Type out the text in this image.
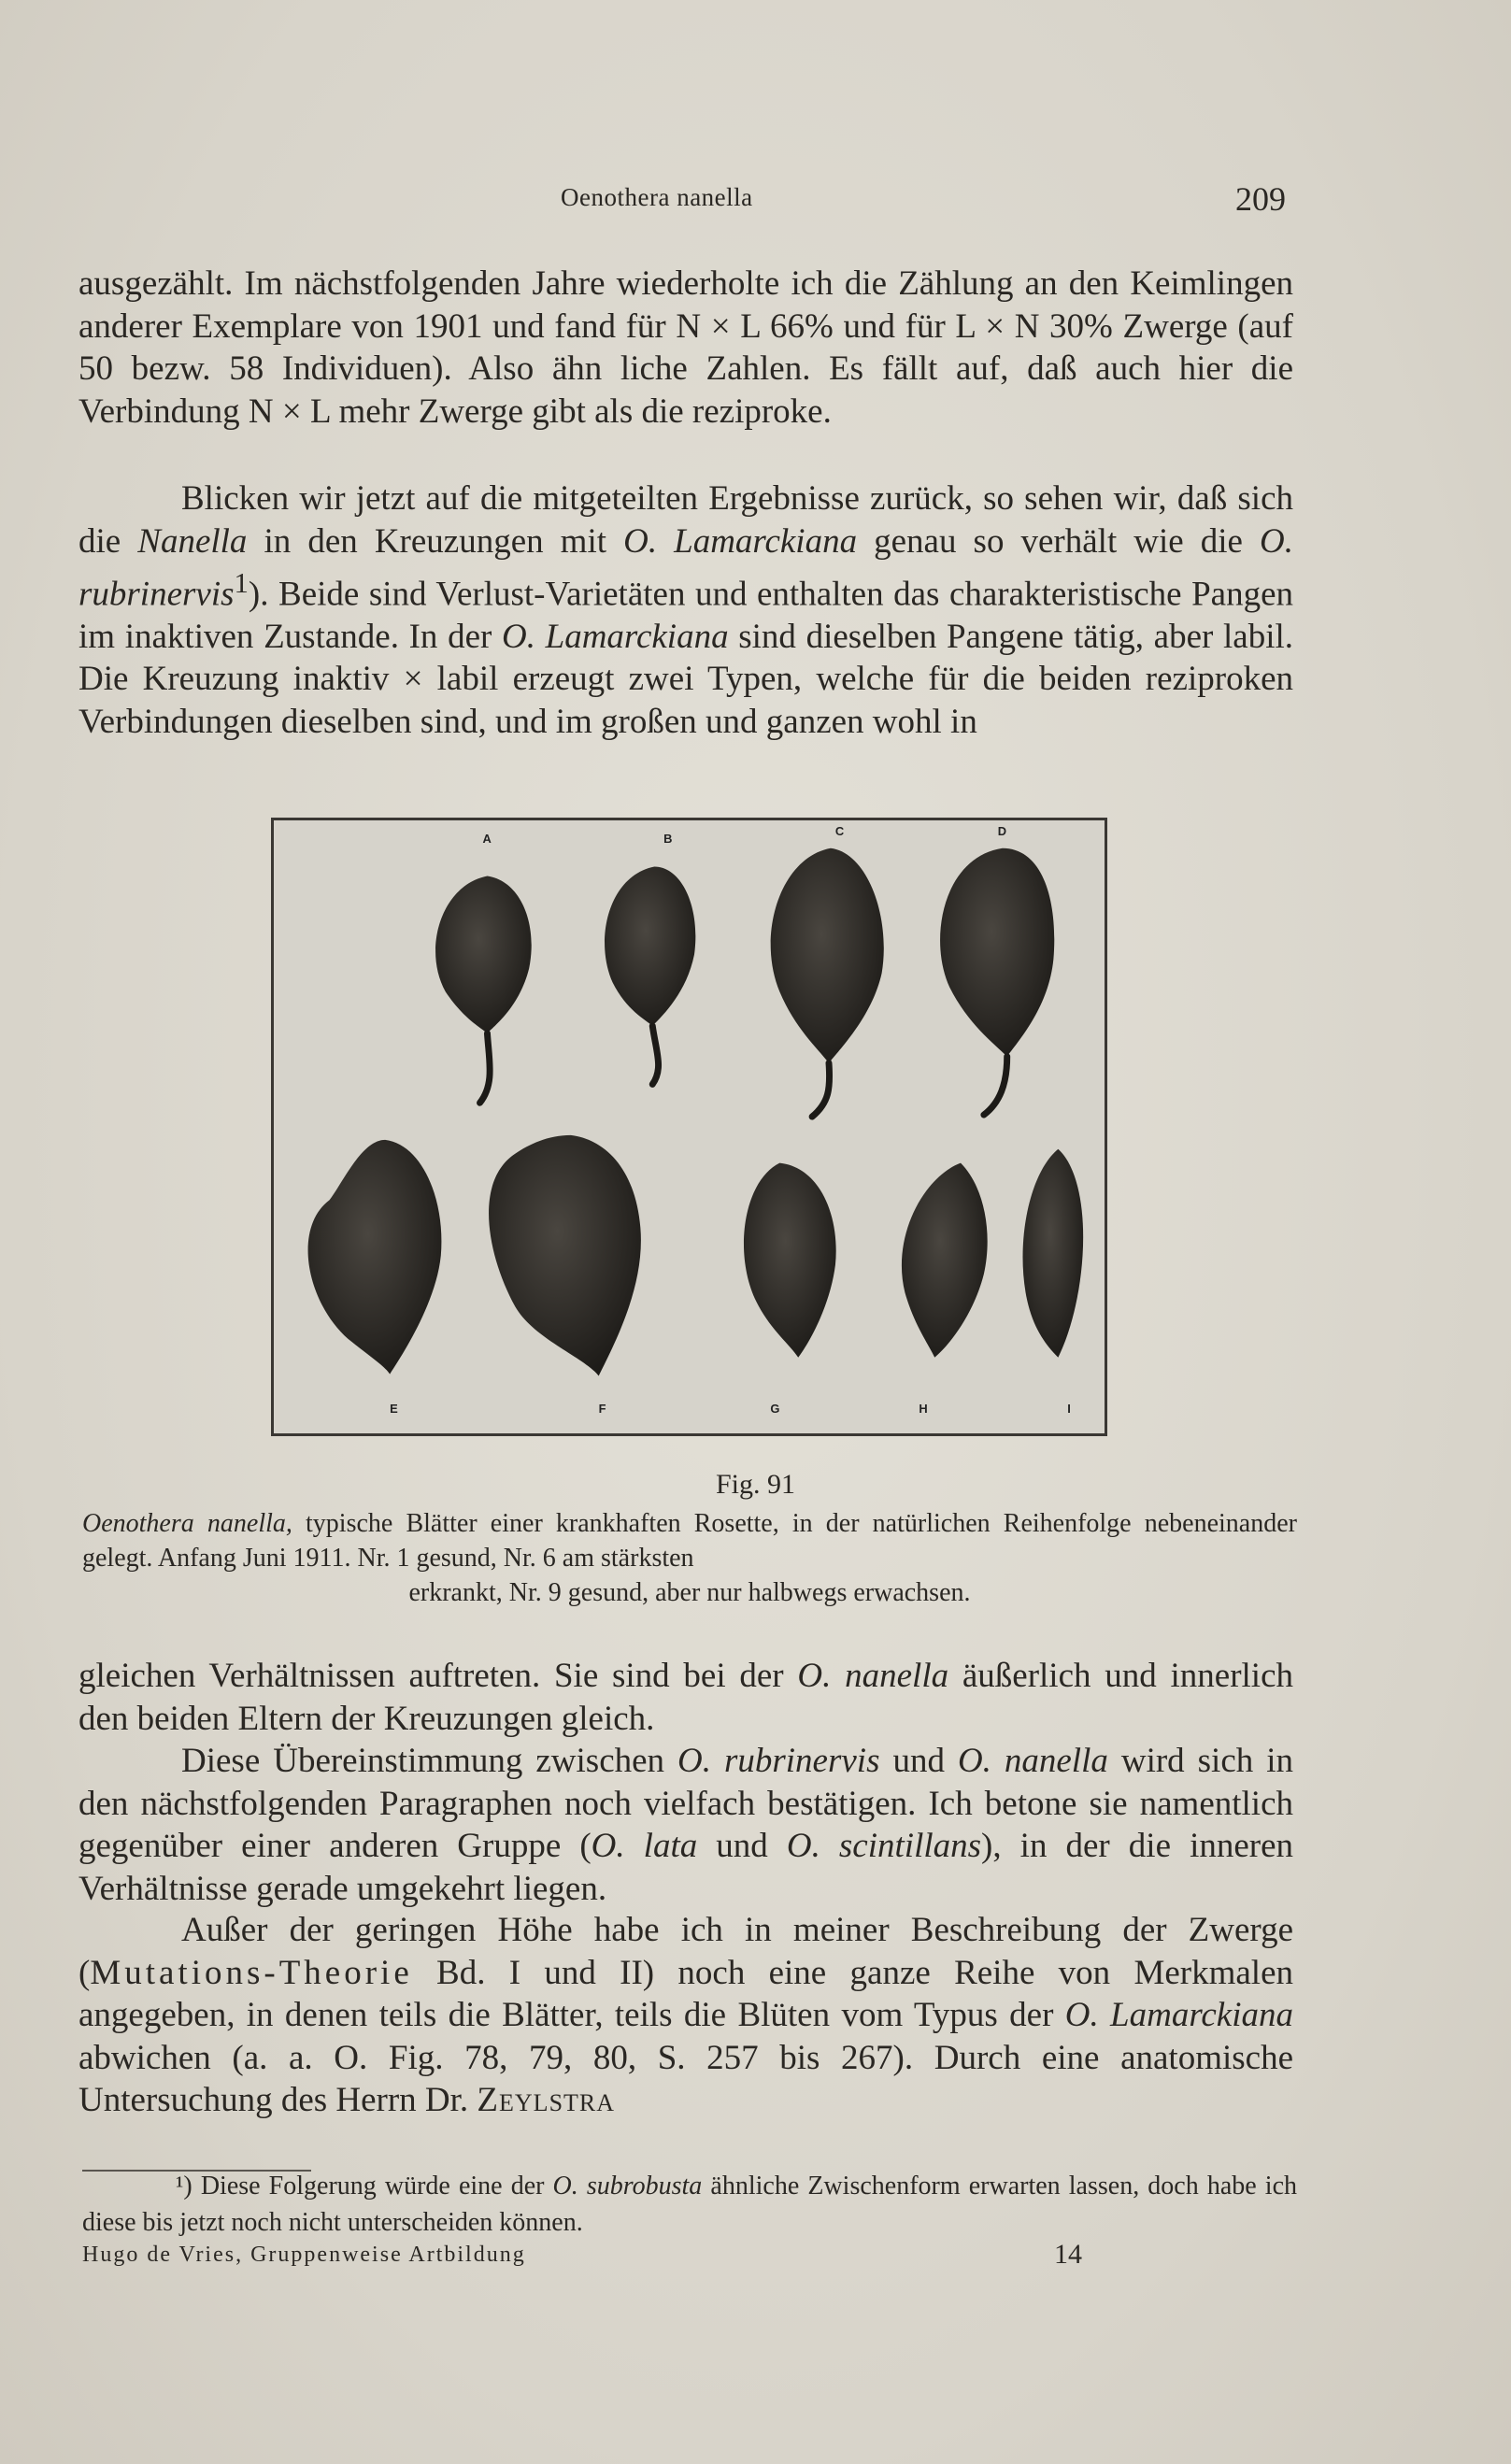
Oenothera nanella	209

ausgezählt. Im nächstfolgenden Jahre wiederholte ich die Zählung an den Keimlingen anderer Exemplare von 1901 und fand für N × L 66% und für L × N 30% Zwerge (auf 50 bezw. 58 Individuen). Also ähn liche Zahlen. Es fällt auf, daß auch hier die Verbindung N × L mehr Zwerge gibt als die reziproke.

Blicken wir jetzt auf die mitgeteilten Ergebnisse zurück, so sehen wir, daß sich die Nanella in den Kreuzungen mit O. Lamarckiana genau so verhält wie die O. rubrinervis$^1$). Beide sind Verlust-Varietäten und enthalten das charakteristische Pangen im inaktiven Zustande. In der O. Lamarckiana sind dieselben Pangene tätig, aber labil. Die Kreuzung inaktiv × labil erzeugt zwei Typen, welche für die beiden reziproken Verbindungen dieselben sind, und im großen und ganzen wohl in

A	B
C	D
E	F	G	H	I
Fig. 91

Oenothera nanella, typische Blätter einer krankhaften Rosette, in der natürlichen Reihenfolge nebeneinander gelegt. Anfang Juni 1911. Nr. 1 gesund, Nr. 6 am stärksten
erkrankt, Nr. 9 gesund, aber nur halbwegs erwachsen.

gleichen Verhältnissen auftreten. Sie sind bei der O. nanella äußerlich und innerlich den beiden Eltern der Kreuzungen gleich.

Diese Übereinstimmung zwischen O. rubrinervis und O. nanella wird sich in den nächstfolgenden Paragraphen noch vielfach bestätigen. Ich betone sie namentlich gegenüber einer anderen Gruppe (O. lata und O. scintillans), in der die inneren Verhältnisse gerade umgekehrt liegen.

Außer der geringen Höhe habe ich in meiner Beschreibung der Zwerge (Mutations-Theorie Bd. I und II) noch eine ganze Reihe von Merkmalen angegeben, in denen teils die Blätter, teils die Blüten vom Typus der O. Lamarckiana abwichen (a. a. O. Fig. 78, 79, 80, S. 257 bis 267). Durch eine anatomische Untersuchung des Herrn Dr. Zeylstra

¹) Diese Folgerung würde eine der O. subrobusta ähnliche Zwischenform erwarten lassen, doch habe ich diese bis jetzt noch nicht unterscheiden können.

Hugo de Vries, Gruppenweise Artbildung	14
